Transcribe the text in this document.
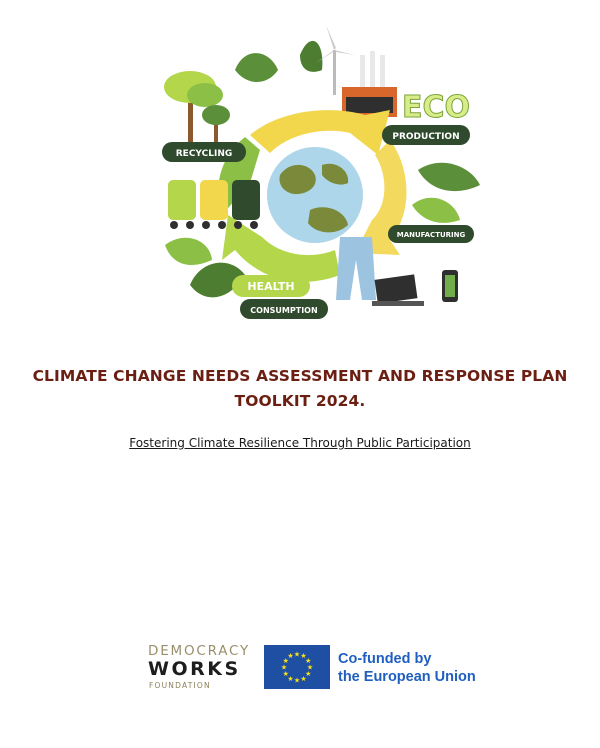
ECO
PRODUCTION
RECYCLING
MANUFACTURING
HEALTH
CONSUMPTION
CLIMATE CHANGE NEEDS ASSESSMENT AND RESPONSE PLAN
TOOLKIT 2024.
Fostering Climate Resilience Through Public Participation
DEMOCRACY
WORKS
FOUNDATION
★
★
★
★
★
★
★
★
★ ★ ★
★ Co-funded by
the European Union
